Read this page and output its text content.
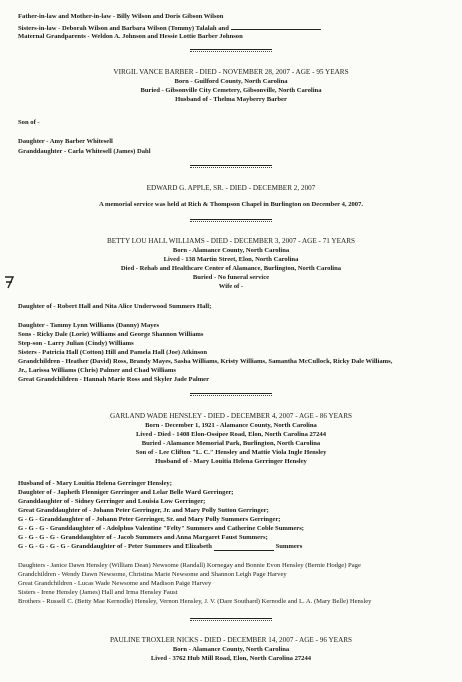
Father-in-law and Mother-in-law - Billy Wilson and Doris Gibson Wilson
Sisters-in-law - Deborah Wilson and Barbara Wilson (Tommy) Talalah and
Maternal Grandparents - Weldon A. Johnson and Hessie Lottie Barber Johnson
VIRGIL VANCE BARBER - DIED - NOVEMBER 28, 2007 - AGE - 95 YEARS
Born - Guilford County, North Carolina
Buried - Gibsonville City Cemetery, Gibsonville, North Carolina
Husband of - Thelma Mayberry Barber
Son of -
Daughter - Amy Barber Whitesell
Granddaughter - Carla Whitesell (James) Dahl
EDWARD G. APPLE, SR. - DIED - DECEMBER 2, 2007
A memorial service was held at Rich & Thompson Chapel in Burlington on December 4, 2007.
BETTY LOU HALL WILLIAMS - DIED - DECEMBER 3, 2007 - AGE - 71 YEARS
Born - Alamance County, North Carolina
Lived - 138 Martin Street, Elon, North Carolina
Died - Rehab and Healthcare Center of Alamance, Burlington, North Carolina
Buried - No funeral service
Wife of -
Daughter of - Robert Hall and Nita Alice Underwood Summers Hall;
Daughter - Tammy Lynn Williams (Danny) Mayes
Sons - Ricky Dale (Lorie) Williams and George Shannon Williams
Step-son - Larry Julian (Cindy) Williams
Sisters - Patricia Hall (Cotton) Hill and Pamela Hall (Joe) Atkinson
Grandchildren - Heather (David) Ross, Brandy Mayes, Sasha Williams, Kristy Williams, Samantha McCullock, Ricky Dale Williams,
Jr., Larissa Williams (Chris) Palmer and Chad Williams
Great Grandchildren - Hannah Marie Ross and Skyler Jade Palmer
GARLAND WADE HENSLEY - DIED - DECEMBER 4, 2007 - AGE - 86 YEARS
Born - December 1, 1921 - Alamance County, North Carolina
Lived - Died - 1408 Elon-Ossipee Road, Elon, North Carolina 27244
Buried - Alamance Memorial Park, Burlington, North Carolina
Son of - Lee Clifton "L. C." Hensley and Mattie Viola Ingle Hensley
Husband of - Mary Louitia Helena Gerringer Hensley
Husband of - Mary Louitia Helena Gerringer Hensley;
Daughter of - Japheth Flenniger Gerringer and Lelar Belle Ward Gerringer;
Granddaughter of - Sidney Gerringer and Louisia Low Gerringer;
Great Granddaughter of - Johann Peter Gerringer, Jr. and Mary Polly Sutton Gerringer;
G - G - Granddaughter of - Johann Peter Gerringer, Sr. and Mary Polly Summers Gerringer;
G - G - G - Granddaughter of - Adolphus Valentine "Felty" Summers and Catherine Coble Summers;
G - G - G - G - Granddaughter of - Jacob Summers and Anna Margaret Faust Summers;
G - G - G - G - G - Granddaughter of - Peter Summers and Elizabeth	Summers
Daughters - Janice Dawn Hensley (William Dean) Newsome (Randall) Kornegay and Bonnie Evon Hensley (Bernie Hodge) Page
Grandchildren - Wendy Dawn Newsome, Christina Marie Newsome and Shannon Leigh Page Harvey
Great Grandchildren - Lucas Wade Newsome and Madison Paige Harvey
Sisters - Irene Hensley (James) Hall and Irma Hensley Faust
Brothers - Russell C. (Betty Mae Kernodle) Hensley, Vernon Hensley, J. V. (Dare Southard) Kernodle and L. A. (Mary Belle) Hensley
PAULINE TROXLER NICKS - DIED - DECEMBER 14, 2007 - AGE - 96 YEARS
Born - Alamance County, North Carolina
Lived - 3762 Hub Mill Road, Elon, North Carolina 27244
